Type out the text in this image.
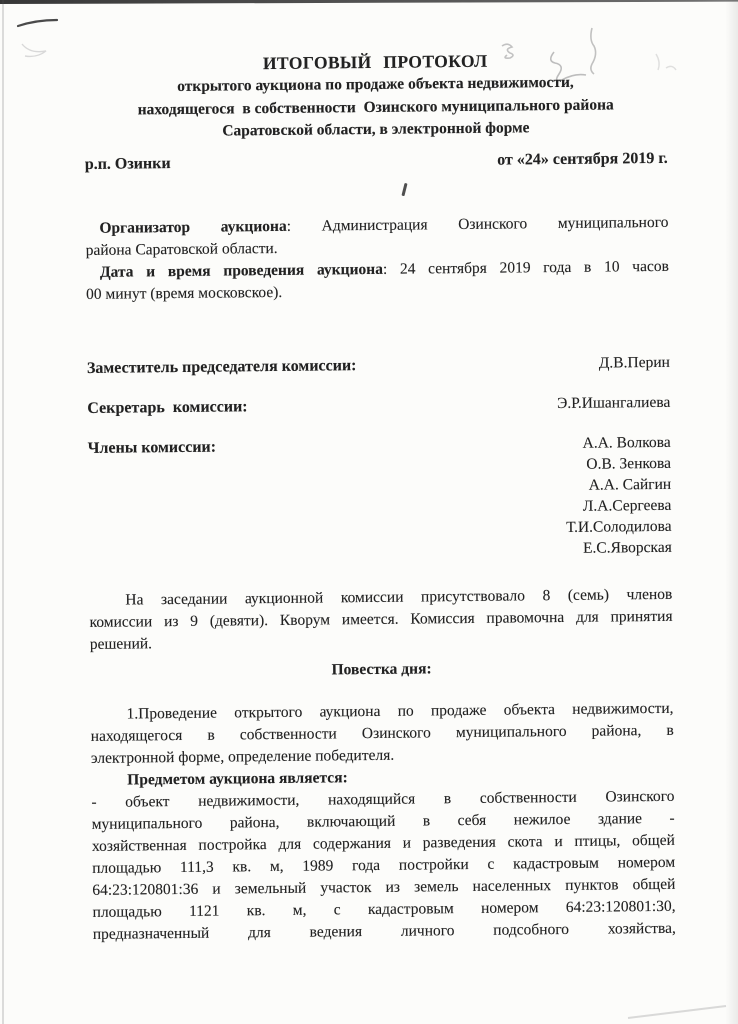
ИТОГОВЫЙ ПРОТОКОЛ
открытого аукциона по продаже объекта недвижимости,
находящегося  в собственности  Озинского муниципального района
Саратовской области, в электронной форме
р.п. Озинки	от «24» сентября 2019 г.
Организатор аукциона: Администрация Озинского муниципального
района Саратовской области.
Дата и время проведения аукциона: 24 сентября 2019 года в 10 часов
00 минут (время московское).
Заместитель председателя комиссии:	Д.В.Перин
Секретарь  комиссии:	Э.Р.Ишангалиева
Члены комиссии:	А.А. Волкова
О.В. Зенкова
А.А. Сайгин
Л.А.Сергеева
Т.И.Солодилова
Е.С.Яворская
На заседании аукционной комиссии присутствовало 8 (семь) членов
комиссии из 9 (девяти). Кворум имеется. Комиссия правомочна для принятия
решений.
Повестка дня:
1.Проведение открытого аукциона по продаже объекта недвижимости,
находящегося в собственности Озинского муниципального района, в
электронной форме, определение победителя.
Предметом аукциона является:
- объект недвижимости, находящийся в собственности Озинского
муниципального района, включающий в себя нежилое здание -
хозяйственная постройка для содержания и разведения скота и птицы, общей
площадью 111,3 кв. м, 1989 года постройки с кадастровым номером
64:23:120801:36 и земельный участок из земель населенных пунктов общей
площадью 1121 кв. м, с кадастровым номером 64:23:120801:30,
предназначенный для ведения личного подсобного хозяйства,
